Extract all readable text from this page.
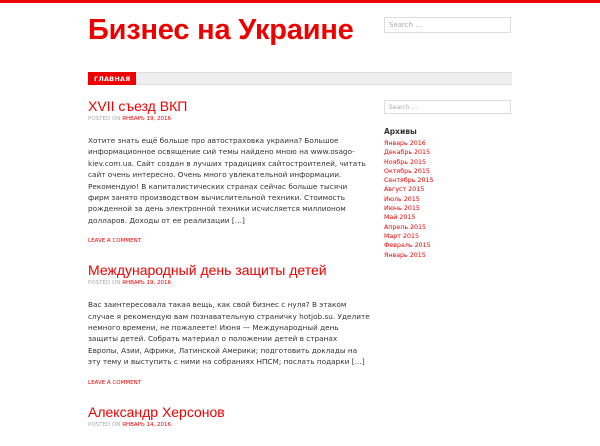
Бизнес на Украине	Search …
ГЛАВНАЯ
XVII съезд ВКП
POSTED ON ЯНВАРЬ 19, 2016
Хотите знать ещё больше про автостраховка украина? Большое информационное освящение сий темы найдено мною на www.osago-kiev.com.ua. Сайт создан в лучших традициях сайтостроителей, читать сайт очень интересно. Очень много увлекательной информации. Рекомендую! В капиталистических странах сейчас больше тысячи фирм занято производством вычислительной техники. Стоимость рожденной за день электронной техники исчисляется миллионом долларов. Доходы от ее реализации […]
LEAVE A COMMENT
Международный день защиты детей
POSTED ON ЯНВАРЬ 19, 2016
Вас заинтересовала такая вещь, как свой бизнес с нуля? В этаком случае я рекомендую вам познавательную страничку hotjob.su. Уделите немного времени, не пожалеете! Июня — Международный день защиты детей. Собрать материал о положении детей в странах Европы, Азии, Африки, Латинской Америки; подготовить доклады на эту тему и выступить с ними на собраниях НПСМ; послать подарки […]
LEAVE A COMMENT
Александр Херсонов
POSTED ON ЯНВАРЬ 14, 2016
Search …
Архивы
Январь 2016
Декабрь 2015
Ноябрь 2015
Октябрь 2015
Сентябрь 2015
Август 2015
Июль 2015
Июнь 2015
Май 2015
Апрель 2015
Март 2015
Февраль 2015
Январь 2015
